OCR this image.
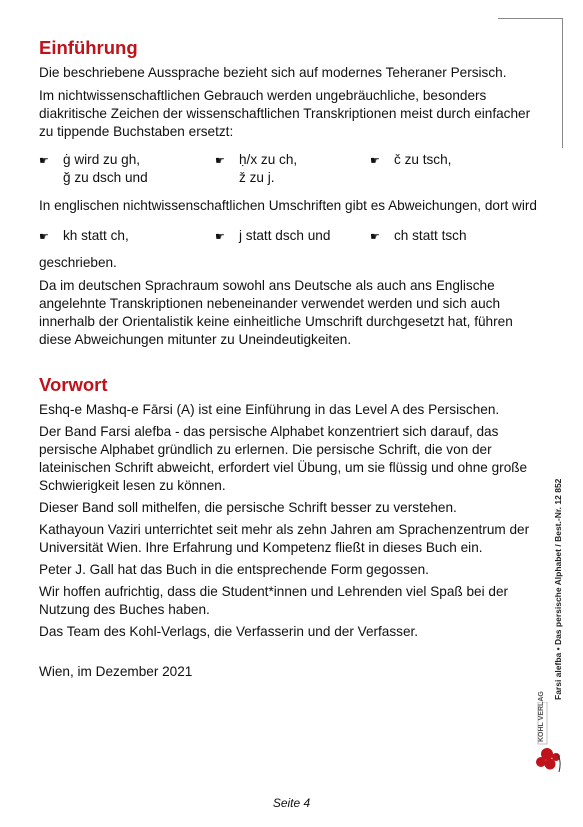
Einführung

Die beschriebene Aussprache bezieht sich auf modernes Teheraner Persisch.

Im nichtwissenschaftlichen Gebrauch werden ungebräuchliche, besonders diakritische Zeichen der wissenschaftlichen Transkriptionen meist durch einfacher zu tippende Buchstaben ersetzt:

☛ ġ wird zu gh,	☛ ḥ/x zu ch,	☛ č zu tsch,
ğ zu dsch und	ž zu j.

In englischen nichtwissenschaftlichen Umschriften gibt es Abweichungen, dort wird

☛ kh statt ch,	☛ j statt dsch und	☛ ch statt tsch

geschrieben.

Da im deutschen Sprachraum sowohl ans Deutsche als auch ans Englische angelehnte Transkriptionen nebeneinander verwendet werden und sich auch innerhalb der Orientalistik keine einheitliche Umschrift durchgesetzt hat, führen diese Abweichungen mitunter zu Uneindeutigkeiten.

Vorwort

Eshq-e Mashq-e Fārsi (A) ist eine Einführung in das Level A des Persischen.

Der Band Farsi alefba - das persische Alphabet konzentriert sich darauf, das persische Alphabet gründlich zu erlernen. Die persische Schrift, die von der lateinischen Schrift abweicht, erfordert viel Übung, um sie flüssig und ohne große Schwierigkeit lesen zu können.

Dieser Band soll mithelfen, die persische Schrift besser zu verstehen.

Kathayoun Vaziri unterrichtet seit mehr als zehn Jahren am Sprachenzentrum der Universität Wien. Ihre Erfahrung und Kompetenz fließt in dieses Buch ein.

Peter J. Gall hat das Buch in die entsprechende Form gegossen.

Wir hoffen aufrichtig, dass die Student*innen und Lehrenden viel Spaß bei der Nutzung des Buches haben.

Das Team des Kohl-Verlags, die Verfasserin und der Verfasser.

Wien, im Dezember 2021

Seite 4
Farsi alefba • Das persische Alphabet / Best.-Nr. 12 852
KOHL VERLAG
